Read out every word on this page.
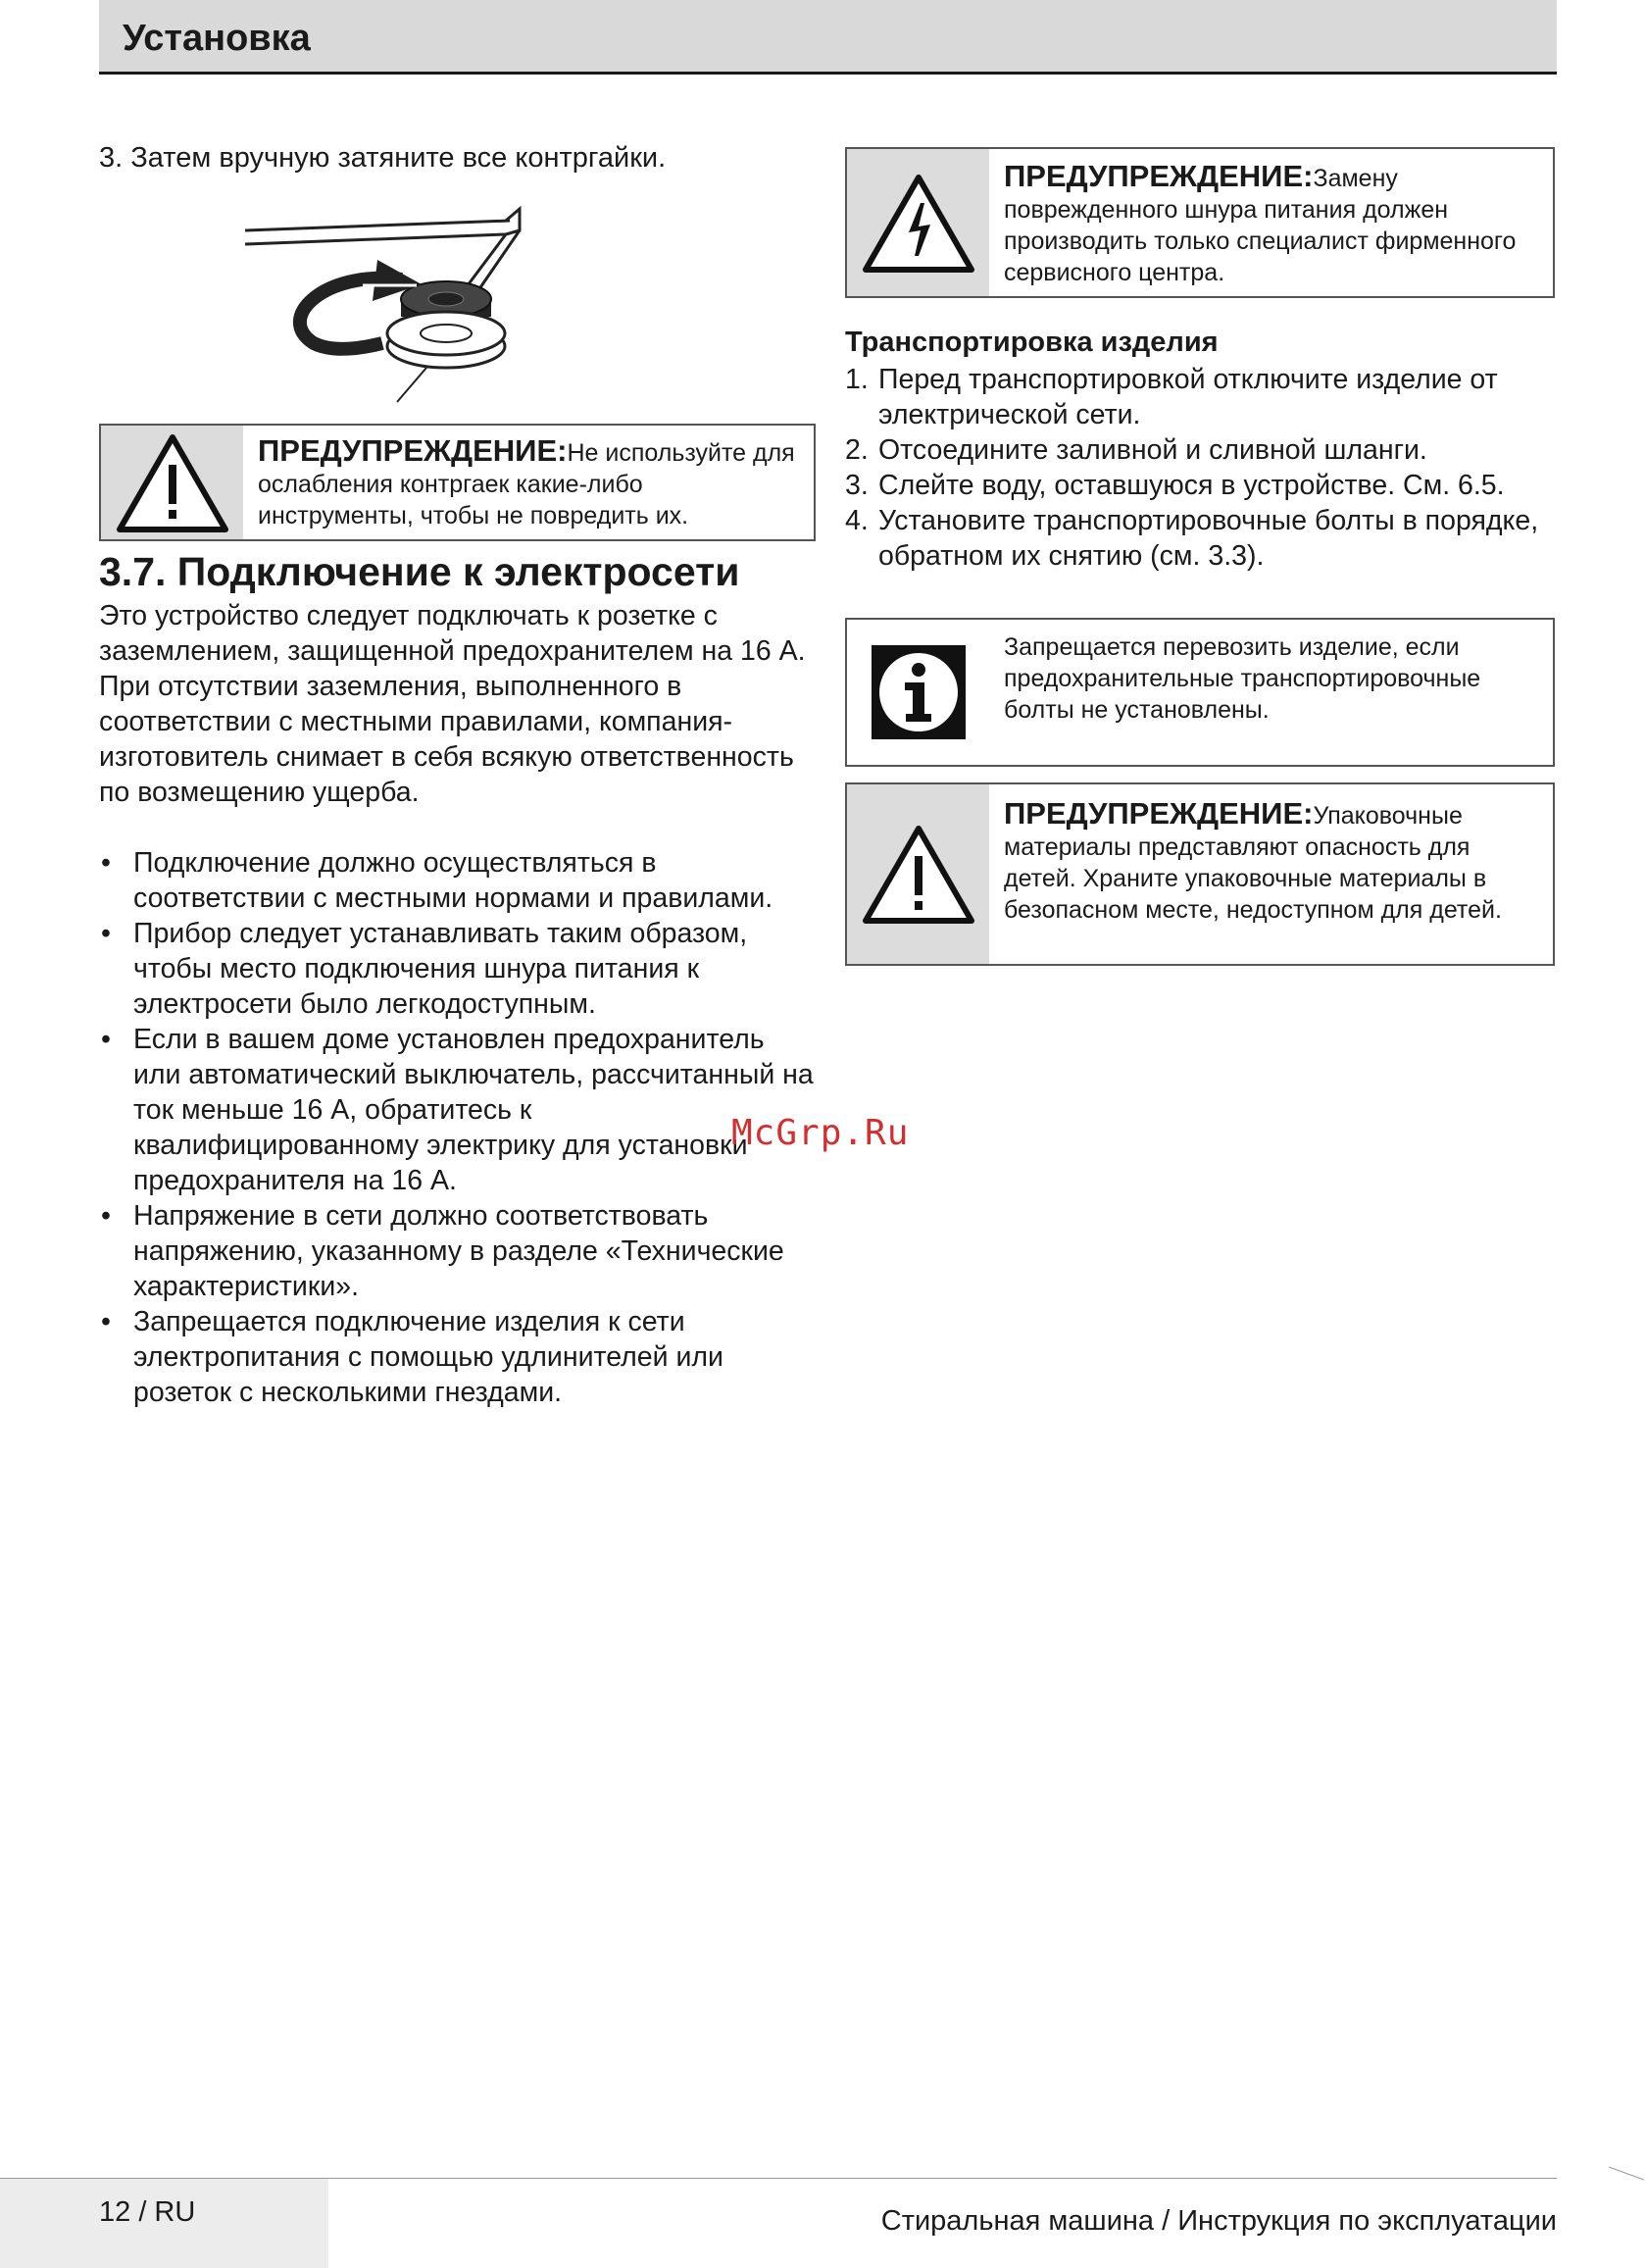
Установка
3. Затем вручную затяните все контргайки.
ПРЕДУПРЕЖДЕНИЕ:Не используйте для ослабления контргаек какие-либо инструменты, чтобы не повредить их.
3.7. Подключение к электросети
Это устройство следует подключать к розетке с заземлением, защищенной предохранителем на 16 А. При отсутствии заземления, выполненного в соответствии с местными правилами, компания-изготовитель снимает в себя всякую ответственность по возмещению ущерба.
• Подключение должно осуществляться в соответствии с местными нормами и правилами.
• Прибор следует устанавливать таким образом, чтобы место подключения шнура питания к электросети было легкодоступным.
• Если в вашем доме установлен предохранитель или автоматический выключатель, рассчитанный на ток меньше 16 А, обратитесь к квалифицированному электрику для установки предохранителя на 16 А.
• Напряжение в сети должно соответствовать напряжению, указанному в разделе «Технические характеристики».
• Запрещается подключение изделия к сети электропитания с помощью удлинителей или розеток с несколькими гнездами.
ПРЕДУПРЕЖДЕНИЕ:Замену поврежденного шнура питания должен производить только специалист фирменного сервисного центра.
Транспортировка изделия
1. Перед транспортировкой отключите изделие от электрической сети.
2. Отсоедините заливной и сливной шланги.
3. Слейте воду, оставшуюся в устройстве. См. 6.5.
4. Установите транспортировочные болты в порядке, обратном их снятию (см. 3.3).
Запрещается перевозить изделие, если предохранительные транспортировочные болты не установлены.
ПРЕДУПРЕЖДЕНИЕ:Упаковочные материалы представляют опасность для детей. Храните упаковочные материалы в безопасном месте, недоступном для детей.
McGrp.Ru
12 / RU	Стиральная машина / Инструкция по эксплуатации
